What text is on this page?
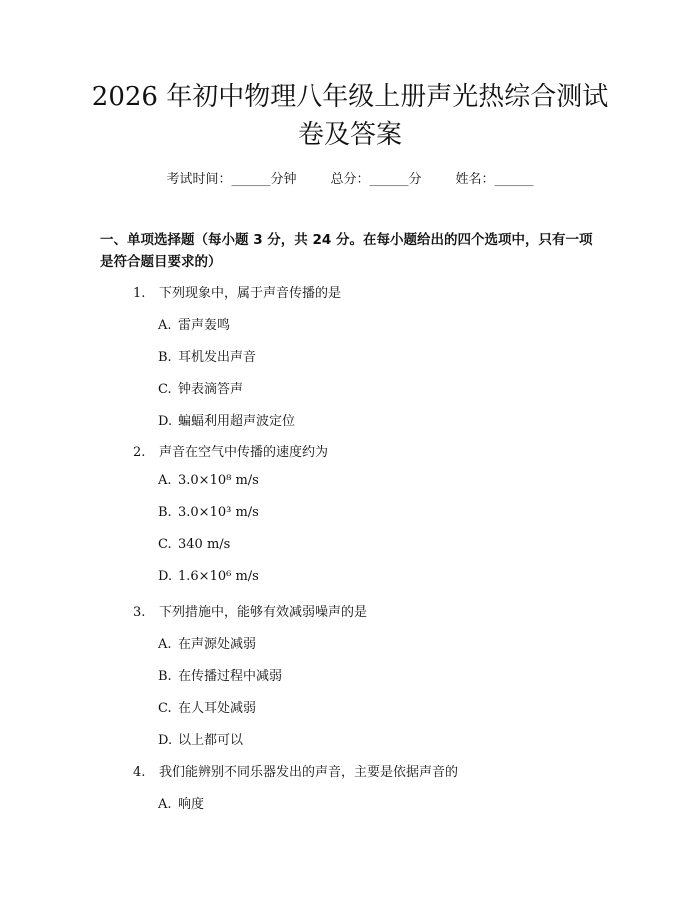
2026 年初中物理八年级上册声光热综合测试
卷及答案
考试时间：______分钟	总分：______分	姓名：______
一、单项选择题（每小题 3 分，共 24 分。在每小题给出的四个选项中，只有一项
是符合题目要求的）
1. 下列现象中，属于声音传播的是
A. 雷声轰鸣
B. 耳机发出声音
C. 钟表滴答声
D. 蝙蝠利用超声波定位
2. 声音在空气中传播的速度约为
A. 3.0×10⁸ m/s
B. 3.0×10³ m/s
C. 340 m/s
D. 1.6×10⁶ m/s
3. 下列措施中，能够有效减弱噪声的是
A. 在声源处减弱
B. 在传播过程中减弱
C. 在人耳处减弱
D. 以上都可以
4. 我们能辨别不同乐器发出的声音，主要是依据声音的
A. 响度
